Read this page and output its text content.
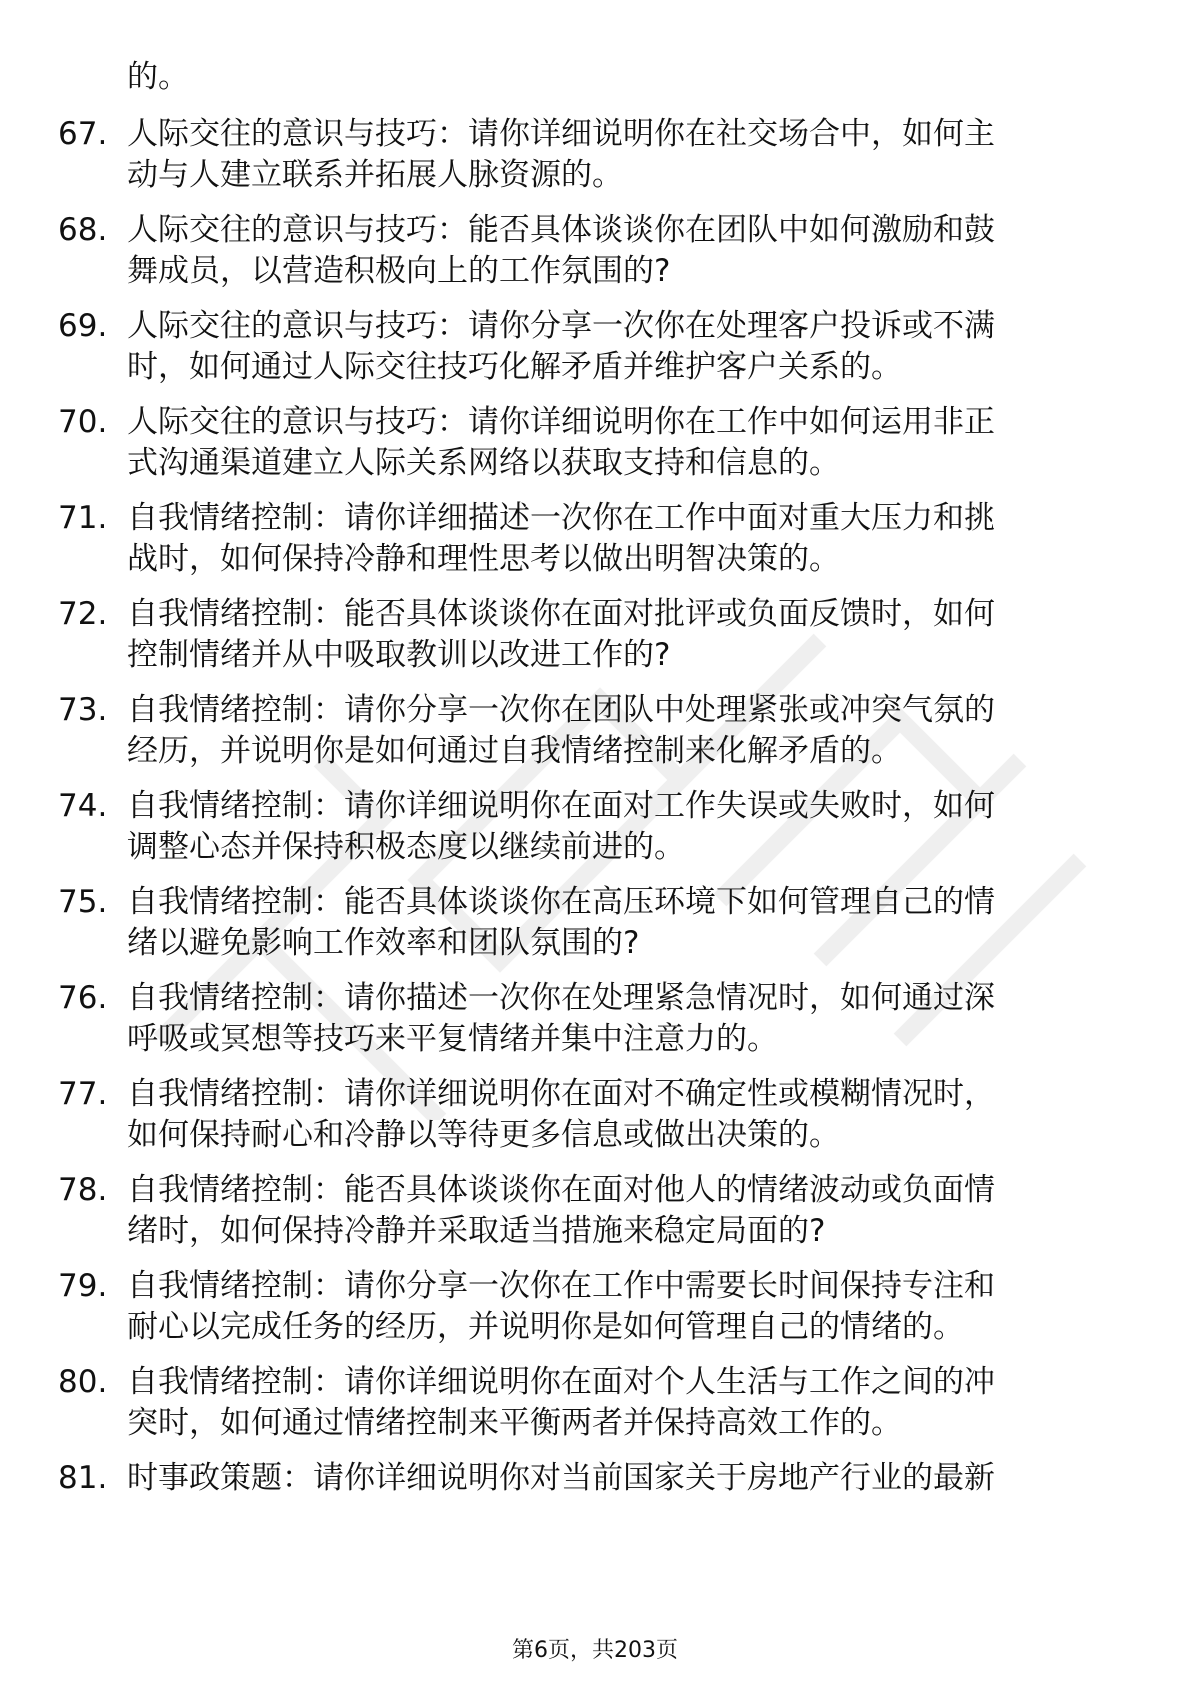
的。
67. 人际交往的意识与技巧：请你详细说明你在社交场合中，如何主
动与人建立联系并拓展人脉资源的。
68. 人际交往的意识与技巧：能否具体谈谈你在团队中如何激励和鼓
舞成员，以营造积极向上的工作氛围的?
69. 人际交往的意识与技巧：请你分享一次你在处理客户投诉或不满
时，如何通过人际交往技巧化解矛盾并维护客户关系的。
70. 人际交往的意识与技巧：请你详细说明你在工作中如何运用非正
式沟通渠道建立人际关系网络以获取支持和信息的。
71. 自我情绪控制：请你详细描述一次你在工作中面对重大压力和挑
战时，如何保持冷静和理性思考以做出明智决策的。
72. 自我情绪控制：能否具体谈谈你在面对批评或负面反馈时，如何
控制情绪并从中吸取教训以改进工作的?
73. 自我情绪控制：请你分享一次你在团队中处理紧张或冲突气氛的
经历，并说明你是如何通过自我情绪控制来化解矛盾的。
74. 自我情绪控制：请你详细说明你在面对工作失误或失败时，如何
调整心态并保持积极态度以继续前进的。
75. 自我情绪控制：能否具体谈谈你在高压环境下如何管理自己的情
绪以避免影响工作效率和团队氛围的?
76. 自我情绪控制：请你描述一次你在处理紧急情况时，如何通过深
呼吸或冥想等技巧来平复情绪并集中注意力的。
77. 自我情绪控制：请你详细说明你在面对不确定性或模糊情况时，
如何保持耐心和冷静以等待更多信息或做出决策的。
78. 自我情绪控制：能否具体谈谈你在面对他人的情绪波动或负面情
绪时，如何保持冷静并采取适当措施来稳定局面的?
79. 自我情绪控制：请你分享一次你在工作中需要长时间保持专注和
耐心以完成任务的经历，并说明你是如何管理自己的情绪的。
80. 自我情绪控制：请你详细说明你在面对个人生活与工作之间的冲
突时，如何通过情绪控制来平衡两者并保持高效工作的。
81. 时事政策题：请你详细说明你对当前国家关于房地产行业的最新
第6页，共203页
